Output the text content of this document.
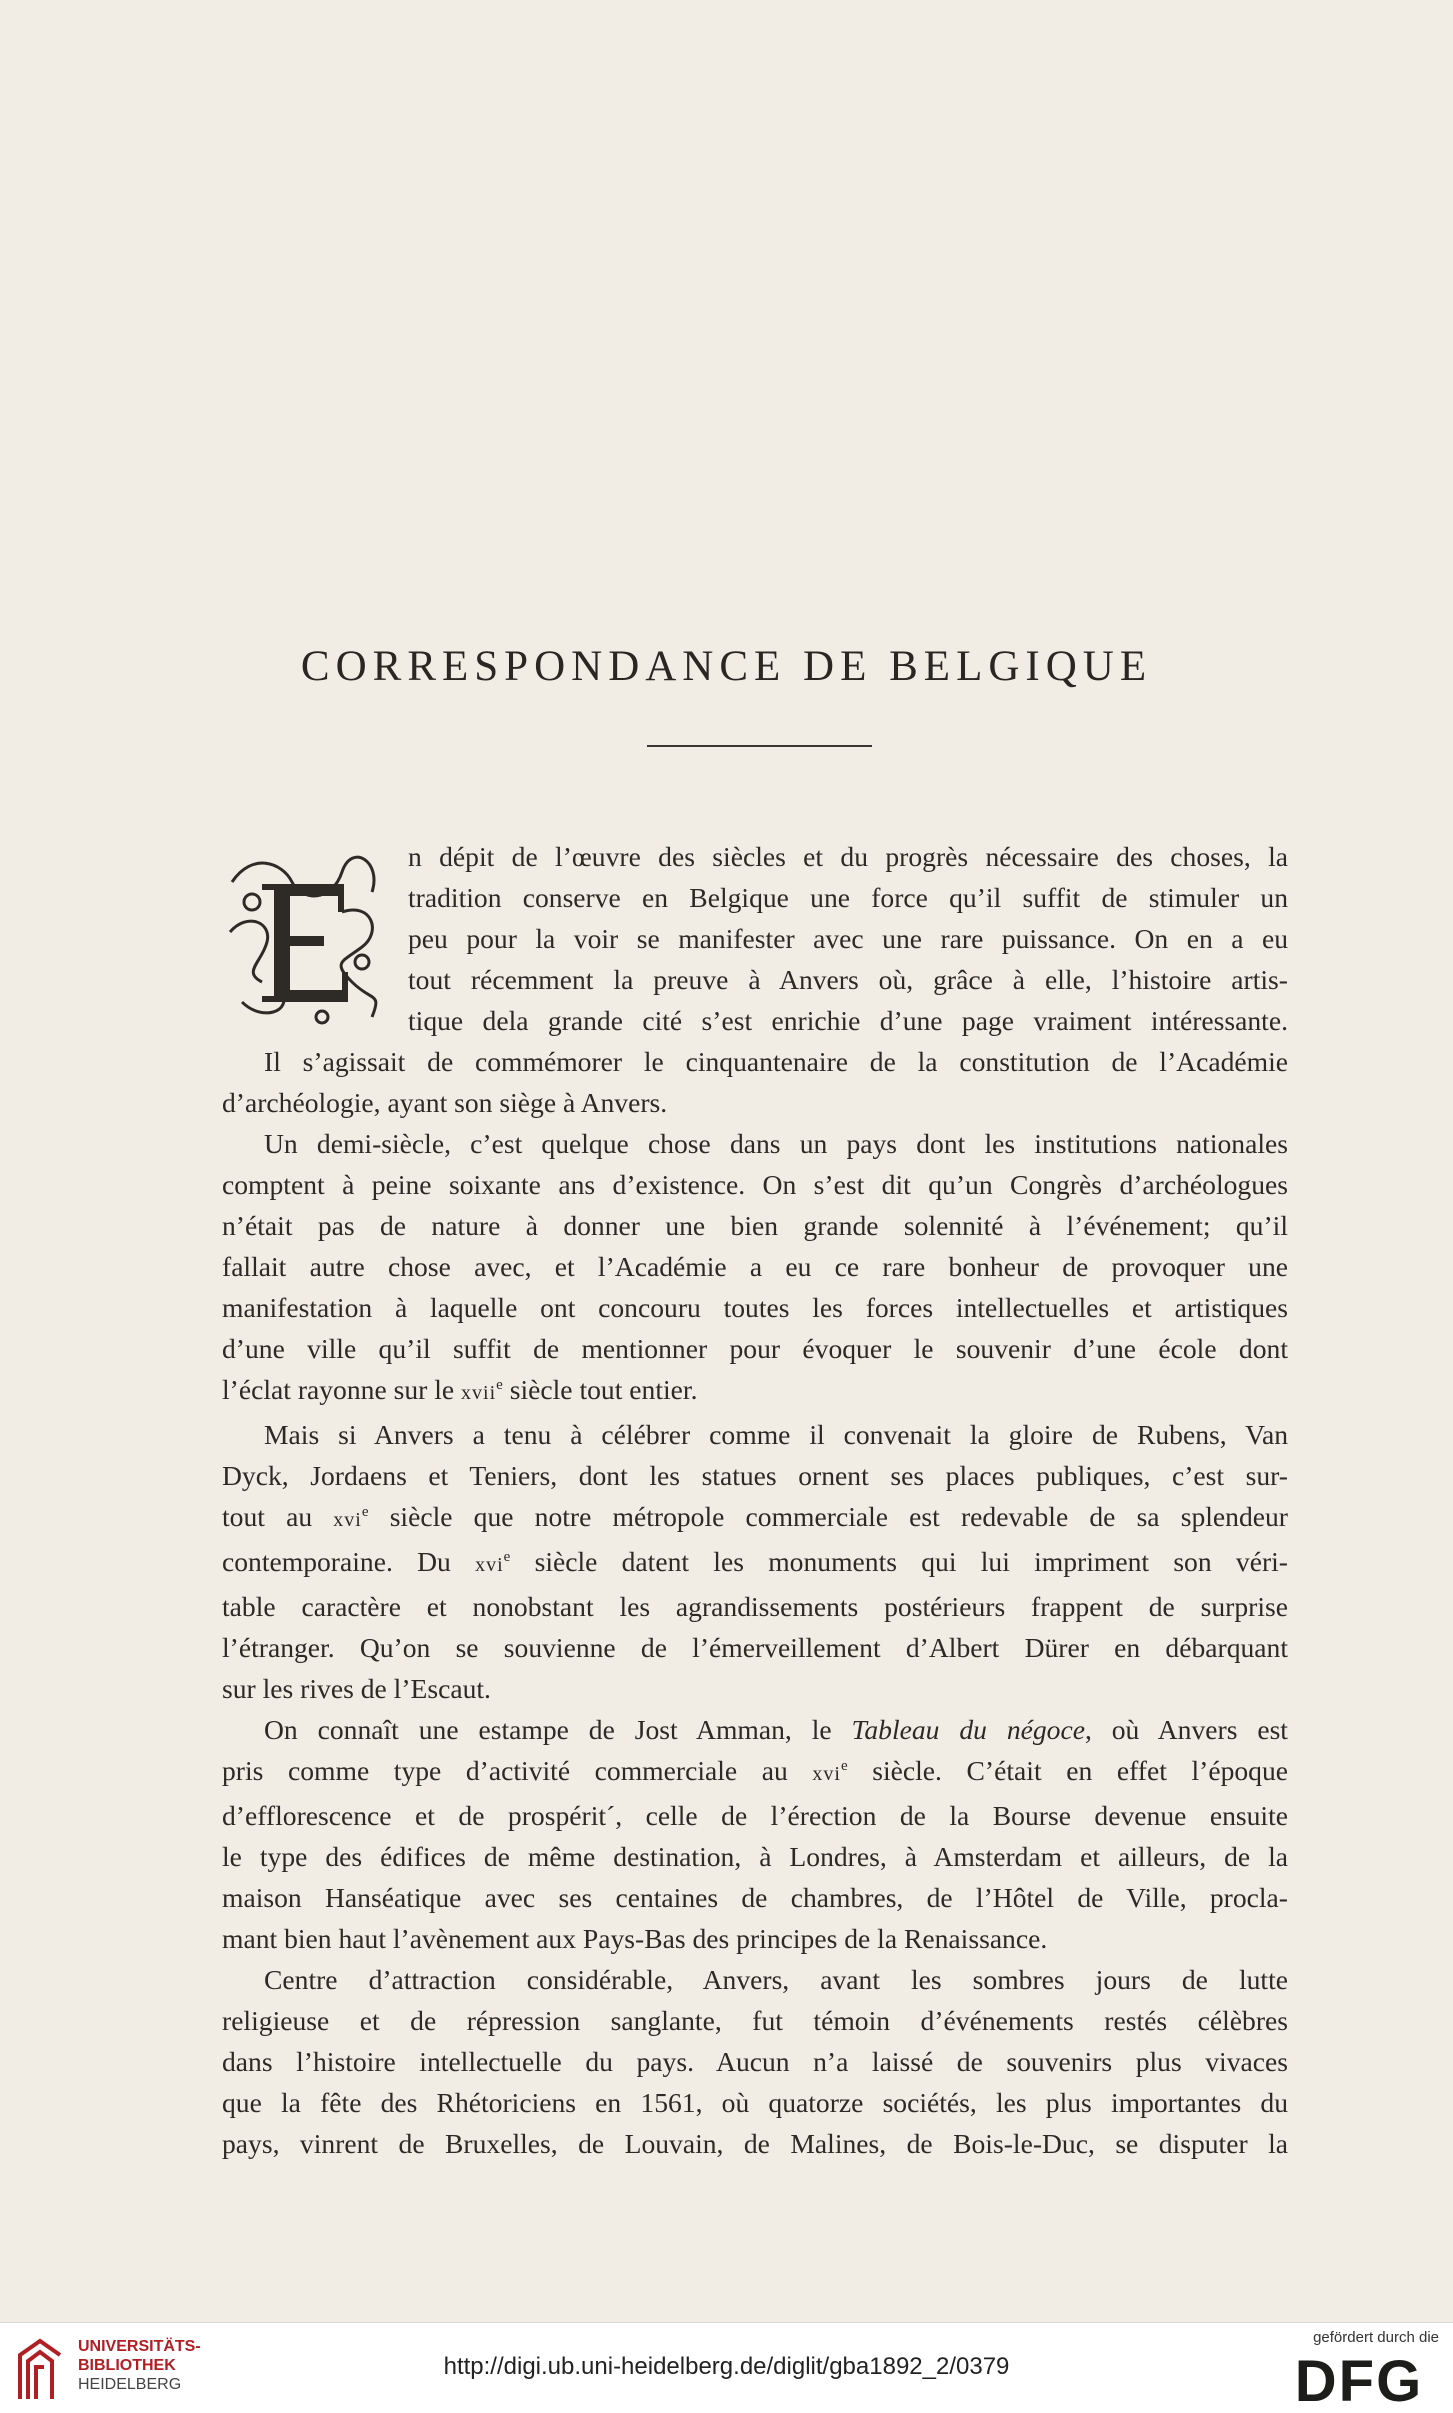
CORRESPONDANCE DE BELGIQUE
n dépit de l’œuvre des siècles et du progrès nécessaire des choses, la
tradition conserve en Belgique une force qu’il suffit de stimuler un
peu pour la voir se manifester avec une rare puissance. On en a eu
tout récemment la preuve à Anvers où, grâce à elle, l’histoire artis-
tique dela grande cité s’est enrichie d’une page vraiment intéressante.
Il s’agissait de commémorer le cinquantenaire de la constitution de l’Académie
d’archéologie, ayant son siège à Anvers.
Un demi-siècle, c’est quelque chose dans un pays dont les institutions nationales
comptent à peine soixante ans d’existence. On s’est dit qu’un Congrès d’archéologues
n’était pas de nature à donner une bien grande solennité à l’événement; qu’il
fallait autre chose avec, et l’Académie a eu ce rare bonheur de provoquer une
manifestation à laquelle ont concouru toutes les forces intellectuelles et artistiques
d’une ville qu’il suffit de mentionner pour évoquer le souvenir d’une école dont
l’éclat rayonne sur le xvii$^e$ siècle tout entier.
Mais si Anvers a tenu à célébrer comme il convenait la gloire de Rubens, Van
Dyck, Jordaens et Teniers, dont les statues ornent ses places publiques, c’est sur-
tout au xvi$^e$ siècle que notre métropole commerciale est redevable de sa splendeur
contemporaine. Du xvi$^e$ siècle datent les monuments qui lui impriment son véri-
table caractère et nonobstant les agrandissements postérieurs frappent de surprise
l’étranger. Qu’on se souvienne de l’émerveillement d’Albert Dürer en débarquant
sur les rives de l’Escaut.
On connaît une estampe de Jost Amman, le Tableau du négoce, où Anvers est
pris comme type d’activité commerciale au xvi$^e$ siècle. C’était en effet l’époque
d’efflorescence et de prospérit´, celle de l’érection de la Bourse devenue ensuite
le type des édifices de même destination, à Londres, à Amsterdam et ailleurs, de la
maison Hanséatique avec ses centaines de chambres, de l’Hôtel de Ville, procla-
mant bien haut l’avènement aux Pays-Bas des principes de la Renaissance.
Centre d’attraction considérable, Anvers, avant les sombres jours de lutte
religieuse et de répression sanglante, fut témoin d’événements restés célèbres
dans l’histoire intellectuelle du pays. Aucun n’a laissé de souvenirs plus vivaces
que la fête des Rhétoriciens en 1561, où quatorze sociétés, les plus importantes du
pays, vinrent de Bruxelles, de Louvain, de Malines, de Bois-le-Duc, se disputer la
UNIVERSITÄTS-
BIBLIOTHEK
HEIDELBERG
http://digi.ub.uni-heidelberg.de/diglit/gba1892_2/0379
gefördert durch die
DFG
